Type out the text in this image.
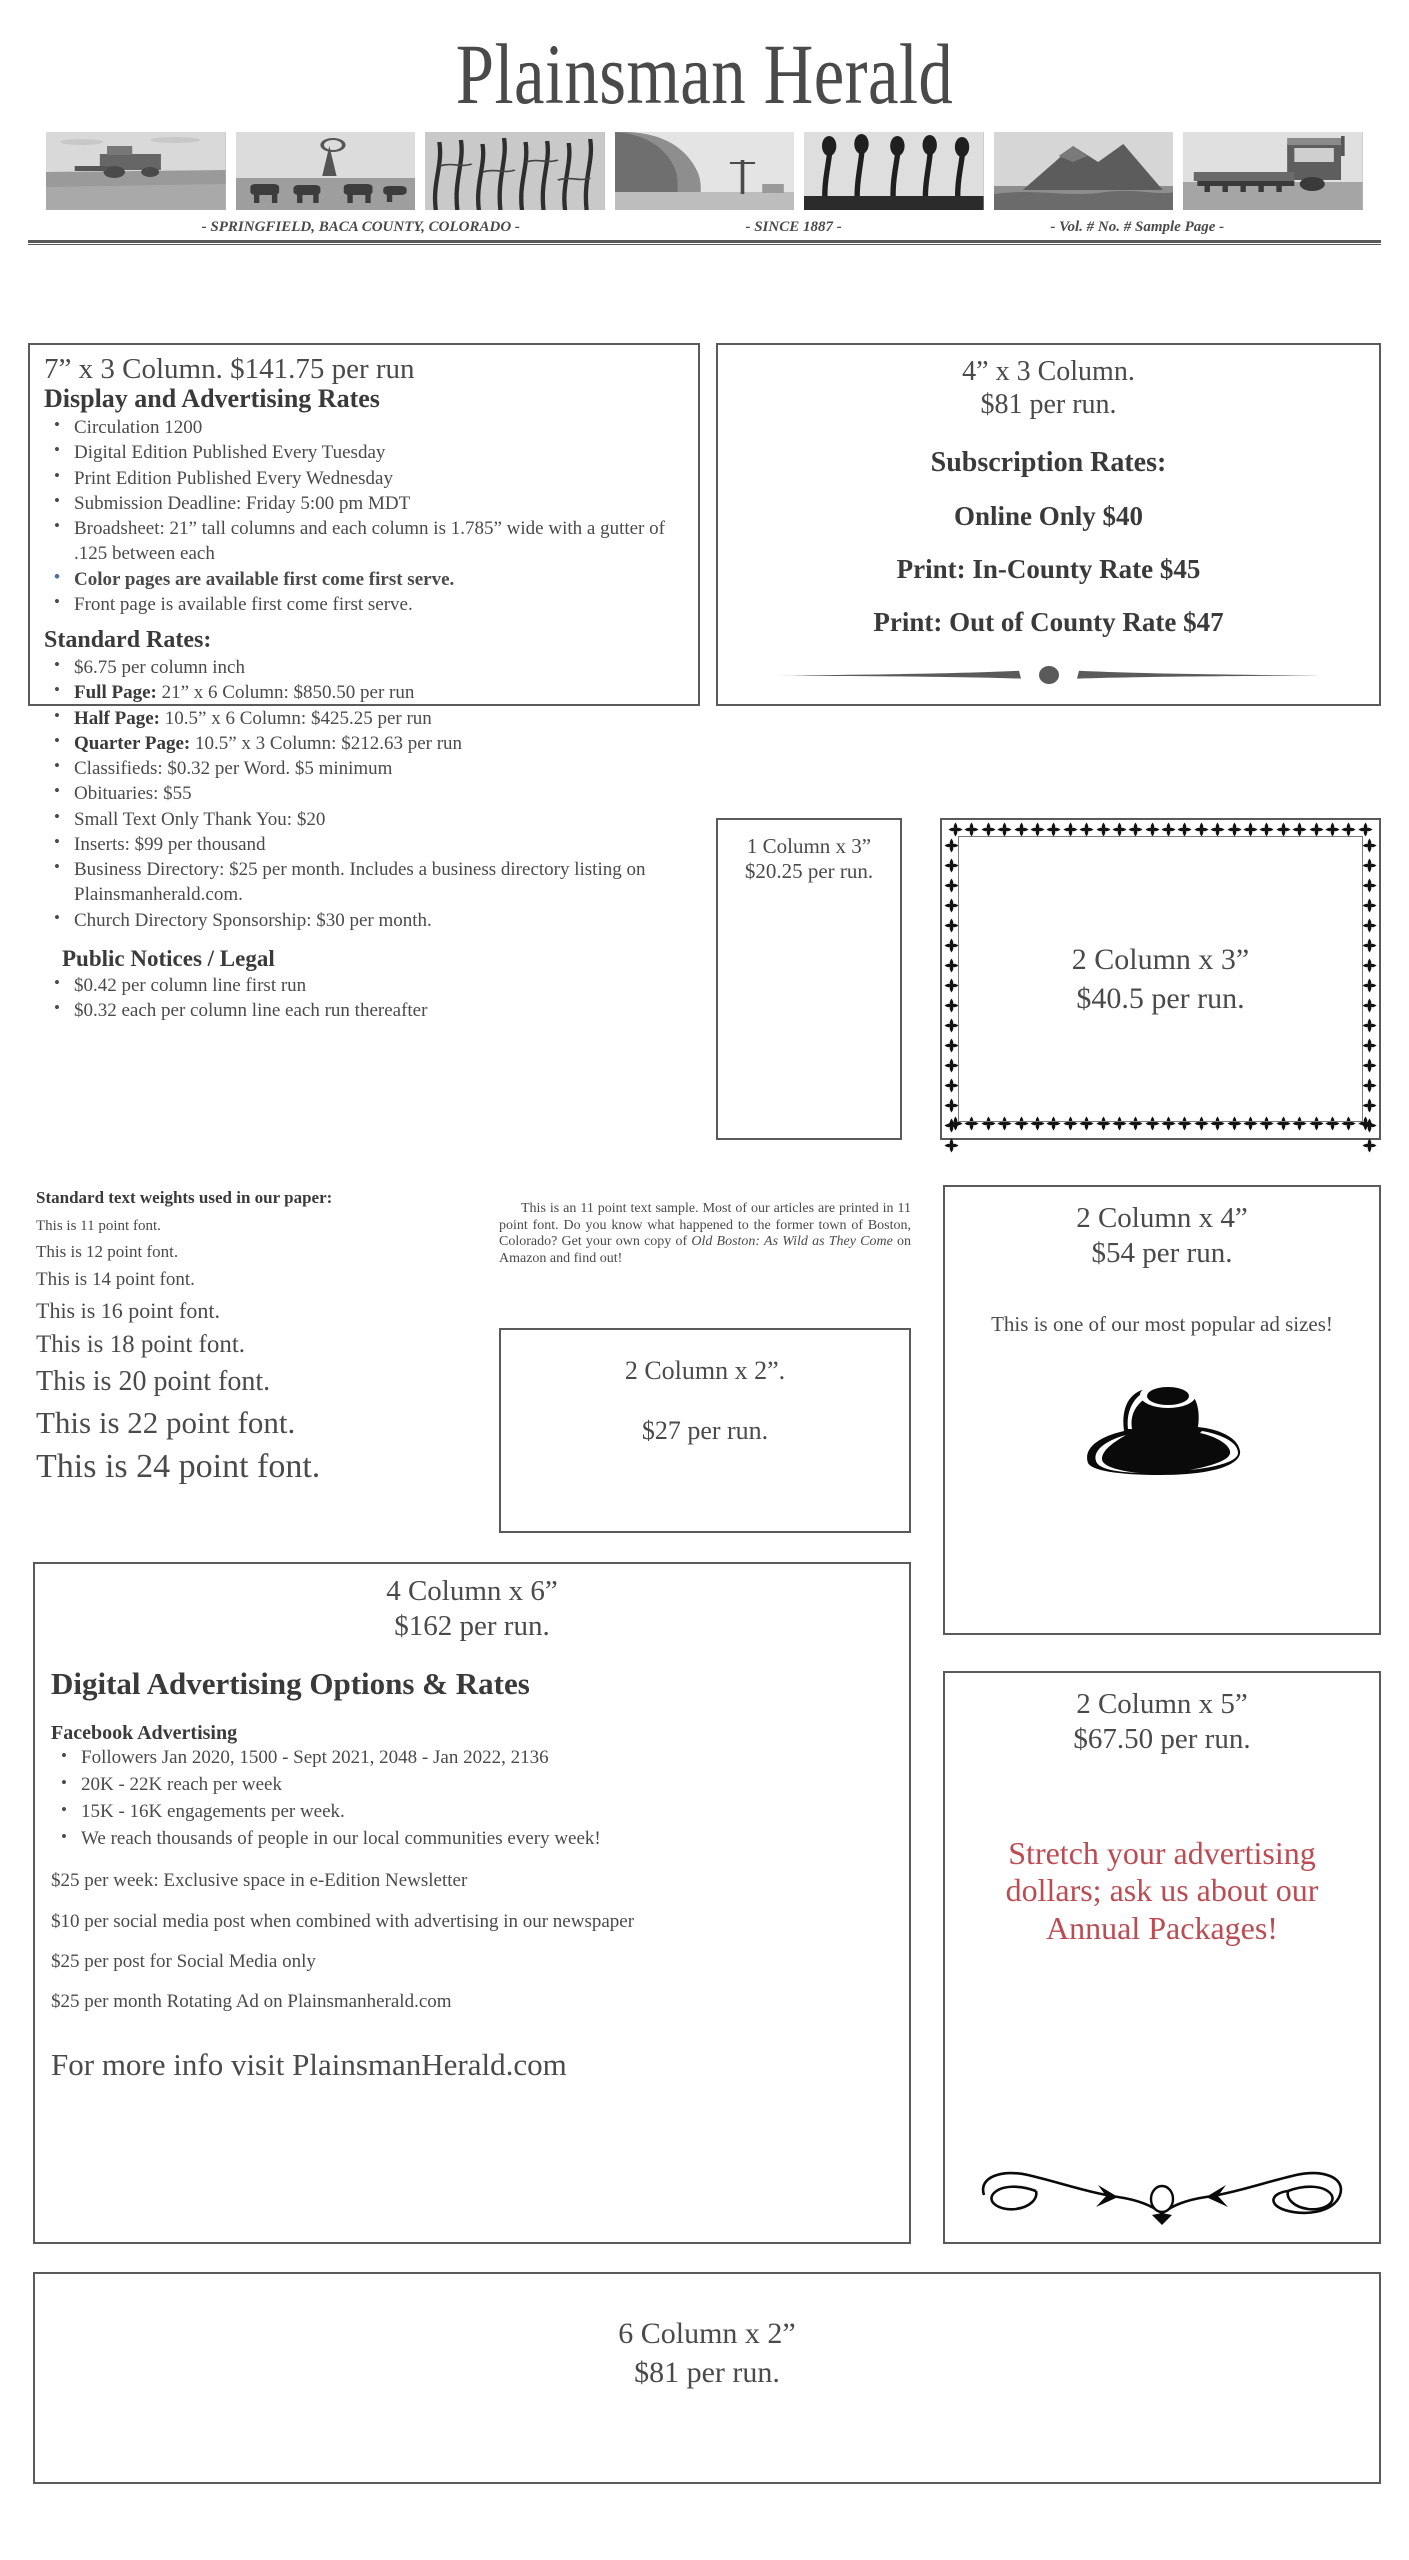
Plainsman Herald
- SPRINGFIELD, BACA COUNTY, COLORADO -	- SINCE 1887 -	- Vol. # No. # Sample Page -
7” x 3 Column. $141.75 per run
Display and Advertising Rates
• Circulation 1200
• Digital Edition Published Every Tuesday
• Print Edition Published Every Wednesday
• Submission Deadline: Friday 5:00 pm MDT
• Broadsheet: 21” tall columns and each column is 1.785” wide with a gutter of .125 between each
• Color pages are available first come first serve.
• Front page is available first come first serve.
Standard Rates:
• $6.75 per column inch
• Full Page: 21” x 6 Column: $850.50 per run
• Half Page: 10.5” x 6 Column: $425.25 per run
• Quarter Page: 10.5” x 3 Column: $212.63 per run
• Classifieds: $0.32 per Word. $5 minimum
• Obituaries: $55
• Small Text Only Thank You: $20
• Inserts: $99 per thousand
• Business Directory: $25 per month. Includes a business directory listing on Plainsmanherald.com.
• Church Directory Sponsorship: $30 per month.
Public Notices / Legal
• $0.42 per column line first run
• $0.32 each per column line each run thereafter
4” x 3 Column.
$81 per run.
Subscription Rates:
Online Only $40
Print: In-County Rate $45
Print: Out of County Rate $47
1 Column x 3”
$20.25 per run.
2 Column x 3”
$40.5 per run.
Standard text weights used in our paper:
This is 11 point font.
This is 12 point font.
This is 14 point font.
This is 16 point font.
This is 18 point font.
This is 20 point font.
This is 22 point font.
This is 24 point font.
This is an 11 point text sample. Most of our articles are printed in 11 point font. Do you know what happened to the former town of Boston, Colorado? Get your own copy of Old Boston: As Wild as They Come on Amazon and find out!
2 Column x 2”.
$27 per run.
2 Column x 4”
$54 per run.
This is one of our most popular ad sizes!
4 Column x 6”
$162 per run.
Digital Advertising Options & Rates
Facebook Advertising
• Followers Jan 2020, 1500 - Sept 2021, 2048 - Jan 2022, 2136
• 20K - 22K reach per week
• 15K - 16K engagements per week.
• We reach thousands of people in our local communities every week!
$25 per week: Exclusive space in e-Edition Newsletter
$10 per social media post when combined with advertising in our newspaper
$25 per post for Social Media only
$25 per month Rotating Ad on Plainsmanherald.com
For more info visit PlainsmanHerald.com
2 Column x 5”
$67.50 per run.
Stretch your advertising dollars; ask us about our Annual Packages!
6 Column x 2”
$81 per run.
